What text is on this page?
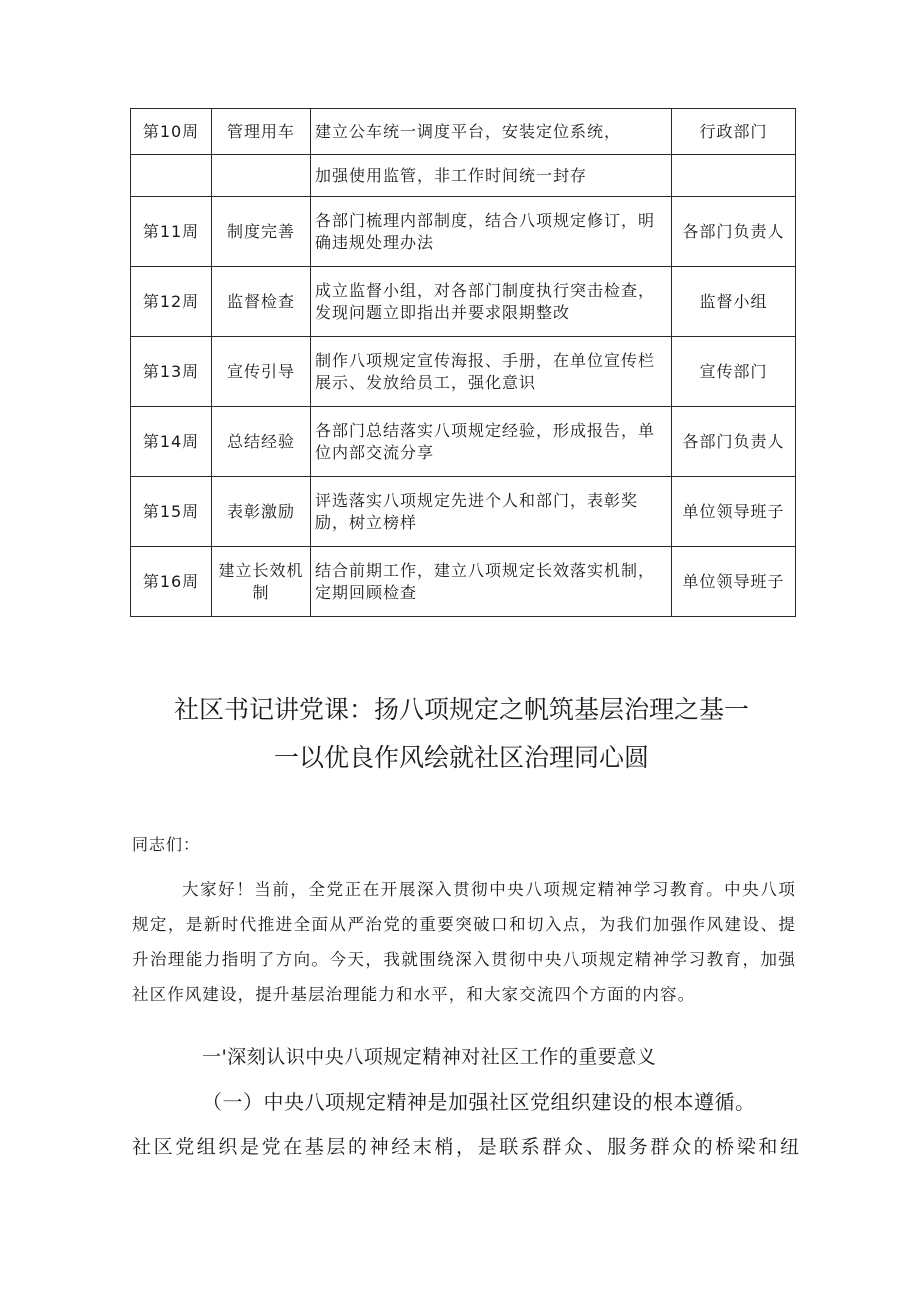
第10周	管理用车	建立公车统一调度平台，安装定位系统，	行政部门
		加强使用监管，非工作时间统一封存	
第11周	制度完善	各部门梳理内部制度，结合八项规定修订，明确违规处理办法	各部门负责人
第12周	监督检查	成立监督小组，对各部门制度执行突击检查，发现问题立即指出并要求限期整改	监督小组
第13周	宣传引导	制作八项规定宣传海报、手册，在单位宣传栏展示、发放给员工，强化意识	宣传部门
第14周	总结经验	各部门总结落实八项规定经验，形成报告，单位内部交流分享	各部门负责人
第15周	表彰激励	评选落实八项规定先进个人和部门，表彰奖励，树立榜样	单位领导班子
第16周	建立长效机制	结合前期工作，建立八项规定长效落实机制，定期回顾检查	单位领导班子
社区书记讲党课：扬八项规定之帆筑基层治理之基一
一以优良作风绘就社区治理同心圆
同志们：

大家好！当前，全党正在开展深入贯彻中央八项规定精神学习教育。中央八项规定，是新时代推进全面从严治党的重要突破口和切入点，为我们加强作风建设、提升治理能力指明了方向。今天，我就围绕深入贯彻中央八项规定精神学习教育，加强社区作风建设，提升基层治理能力和水平，和大家交流四个方面的内容。

一'深刻认识中央八项规定精神对社区工作的重要意义
（一）中央八项规定精神是加强社区党组织建设的根本遵循。

社区党组织是党在基层的神经末梢，是联系群众、服务群众的桥梁和纽
